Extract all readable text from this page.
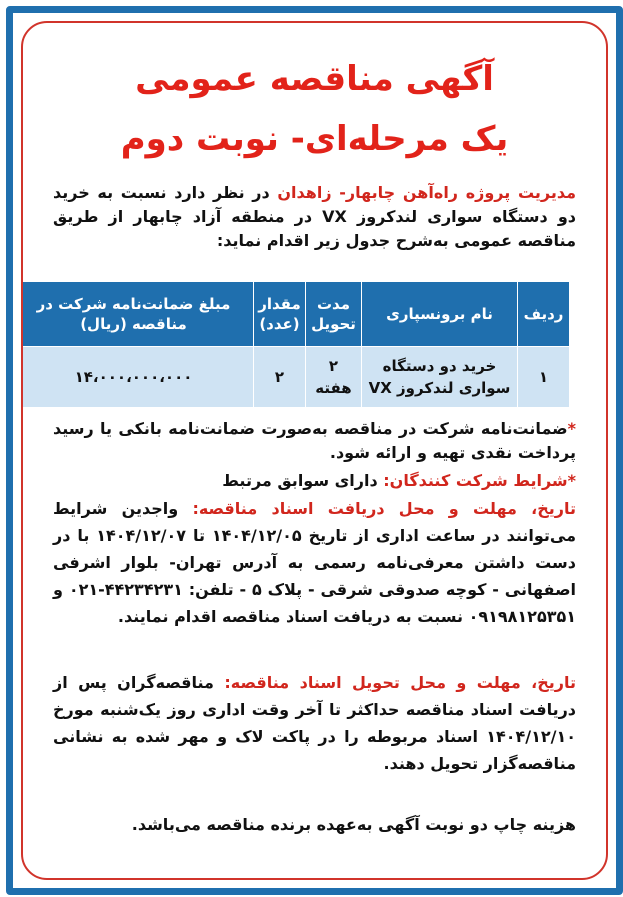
آگهی مناقصه عمومی
یک مرحله‌ای- نوبت دوم
مدیریت پروژه راه‌آهن چابهار- زاهدان در نظر دارد نسبت به خرید دو دستگاه سواری لندکروز VX در منطقه آزاد چابهار از طریق مناقصه عمومی به‌شرح جدول زیر اقدام نماید:
ردیف	نام برونسپاری	مدت تحویل	مقدار (عدد)	مبلغ ضمانت‌نامه شرکت در مناقصه (ریال)
۱	خرید دو دستگاه سواری لندکروز VX	۲ هفته	۲	۱۴،۰۰۰،۰۰۰،۰۰۰
*ضمانت‌نامه شرکت در مناقصه به‌صورت ضمانت‌نامه بانکی یا رسید پرداخت نقدی تهیه و ارائه شود.
*شرایط شرکت کنندگان: دارای سوابق مرتبط
تاریخ، مهلت و محل دریافت اسناد مناقصه: واجدین شرایط می‌توانند در ساعت اداری از تاریخ ۱۴۰۴/۱۲/۰۵ تا ۱۴۰۴/۱۲/۰۷ با در دست داشتن معرفی‌نامه رسمی به آدرس تهران- بلوار اشرفی اصفهانی - کوچه صدوقی شرقی - پلاک ۵ - تلفن: ۴۴۲۳۴۲۳۱-۰۲۱ و ۰۹۱۹۸۱۲۵۳۵۱ نسبت به دریافت اسناد مناقصه اقدام نمایند.
تاریخ، مهلت و محل تحویل اسناد مناقصه: مناقصه‌گران پس از دریافت اسناد مناقصه حداکثر تا آخر وقت اداری روز یک‌شنبه مورخ ۱۴۰۴/۱۲/۱۰ اسناد مربوطه را در پاکت لاک و مهر شده به نشانی مناقصه‌گزار تحویل دهند.
هزینه چاپ دو نوبت آگهی به‌عهده برنده مناقصه می‌باشد.
